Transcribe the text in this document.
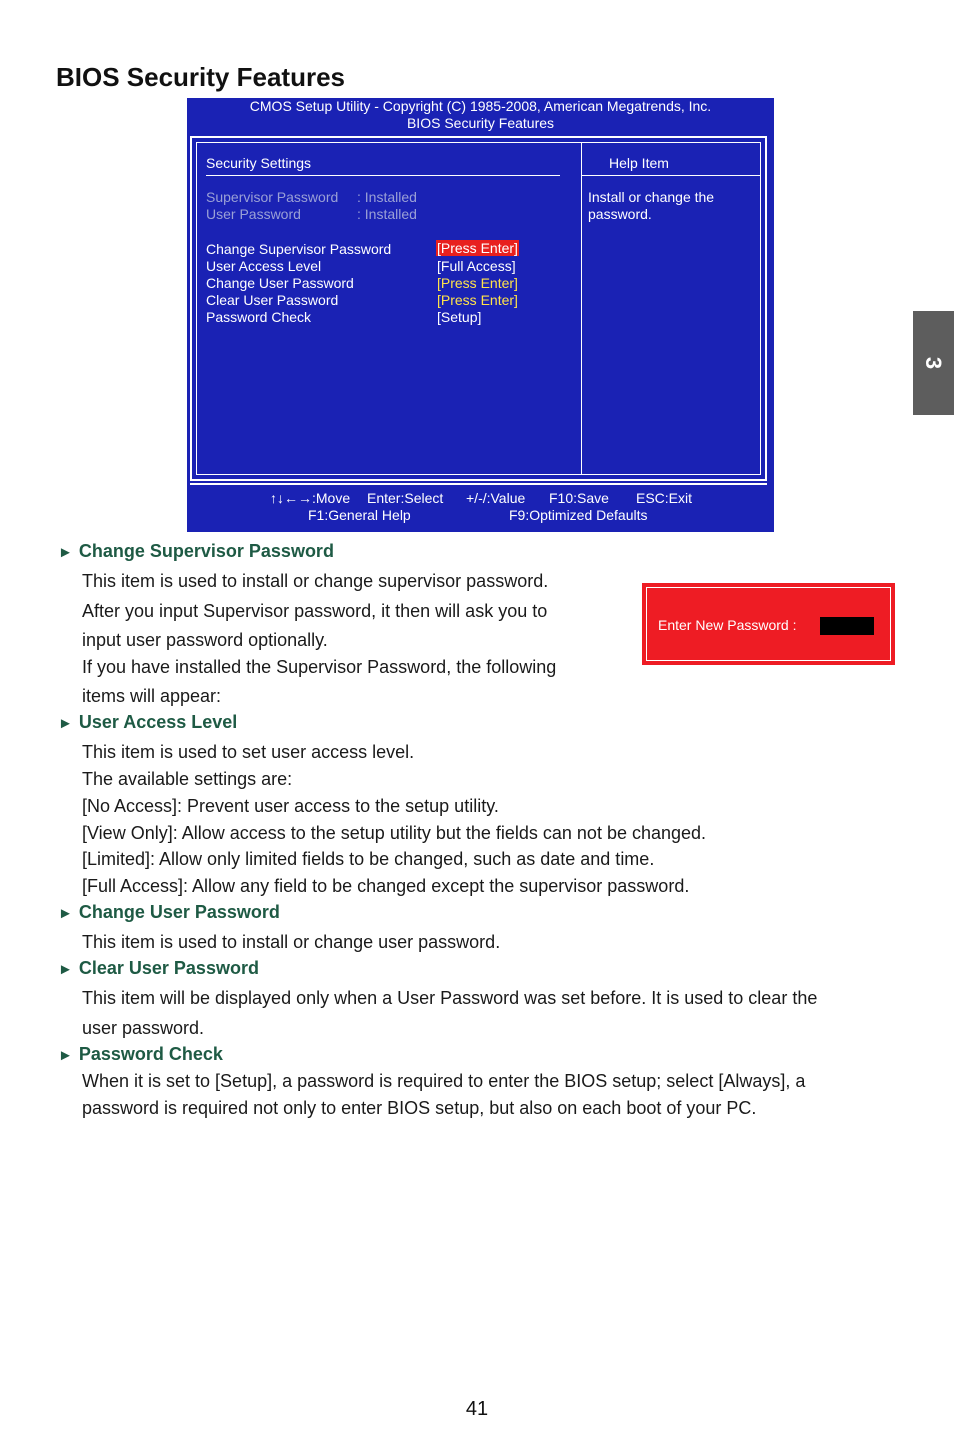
BIOS Security Features
CMOS Setup Utility - Copyright (C) 1985-2008, American Megatrends, Inc.
BIOS Security Features
Security Settings	Help Item
Install or change the password.
Supervisor Password : Installed
User Password	: Installed
Change Supervisor Password	[Press Enter]
User Access Level	[Full Access]
Change User Password	[Press Enter]
Clear User Password	[Press Enter]
Password Check	[Setup]
↑↓←→:Move Enter:Select +/-/:Value F10:Save ESC:Exit
F1:General Help	F9:Optimized Defaults
Enter New Password :
► Change Supervisor Password
This item is used to install or change supervisor password.
After you input Supervisor password, it then will ask you to
input user password optionally.
If you have installed the Supervisor Password, the following
items will appear:
► User Access Level
This item is used to set user access level.
The available settings are:
[No Access]: Prevent user access to the setup utility.
[View Only]: Allow access to the setup utility but the fields can not be changed.
[Limited]: Allow only limited fields to be changed, such as date and time.
[Full Access]: Allow any field to be changed except the supervisor password.
► Change User Password
This item is used to install or change user password.
► Clear User Password
This item will be displayed only when a User Password was set before. It is used to clear the
user password.
► Password Check
When it is set to [Setup], a password is required to enter the BIOS setup; select [Always], a
password is required not only to enter BIOS setup, but also on each boot of your PC.
3
41
